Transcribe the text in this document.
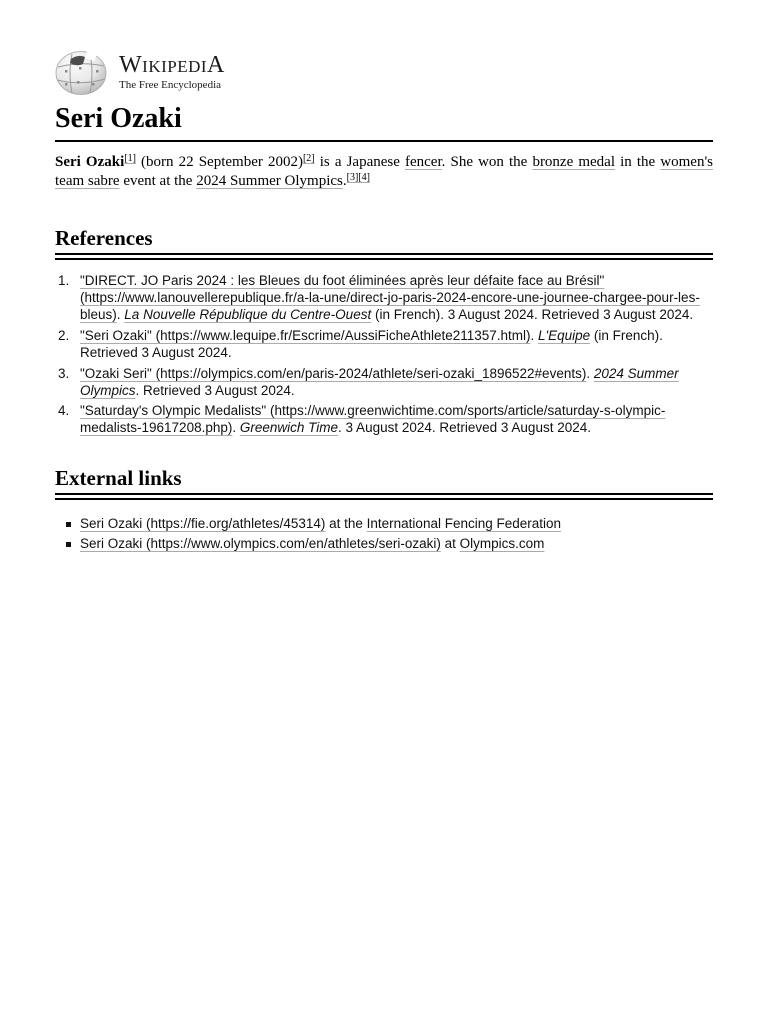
WikipediA
The Free Encyclopedia
Seri Ozaki

Seri Ozaki[1] (born 22 September 2002)[2] is a Japanese fencer. She won the bronze medal in the women's team sabre event at the 2024 Summer Olympics.[3][4]

References
1. "DIRECT. JO Paris 2024 : les Bleues du foot éliminées après leur défaite face au Brésil" (https://www.lanouvellerepublique.fr/a-la-une/direct-jo-paris-2024-encore-une-journee-chargee-pour-les-bleus). La Nouvelle République du Centre-Ouest (in French). 3 August 2024. Retrieved 3 August 2024.
2. "Seri Ozaki" (https://www.lequipe.fr/Escrime/AussiFicheAthlete211357.html). L'Equipe (in French). Retrieved 3 August 2024.
3. "Ozaki Seri" (https://olympics.com/en/paris-2024/athlete/seri-ozaki_1896522#events). 2024 Summer Olympics. Retrieved 3 August 2024.
4. "Saturday's Olympic Medalists" (https://www.greenwichtime.com/sports/article/saturday-s-olympic-medalists-19617208.php). Greenwich Time. 3 August 2024. Retrieved 3 August 2024.
External links
Seri Ozaki (https://fie.org/athletes/45314) at the International Fencing Federation
Seri Ozaki (https://www.olympics.com/en/athletes/seri-ozaki) at Olympics.com
